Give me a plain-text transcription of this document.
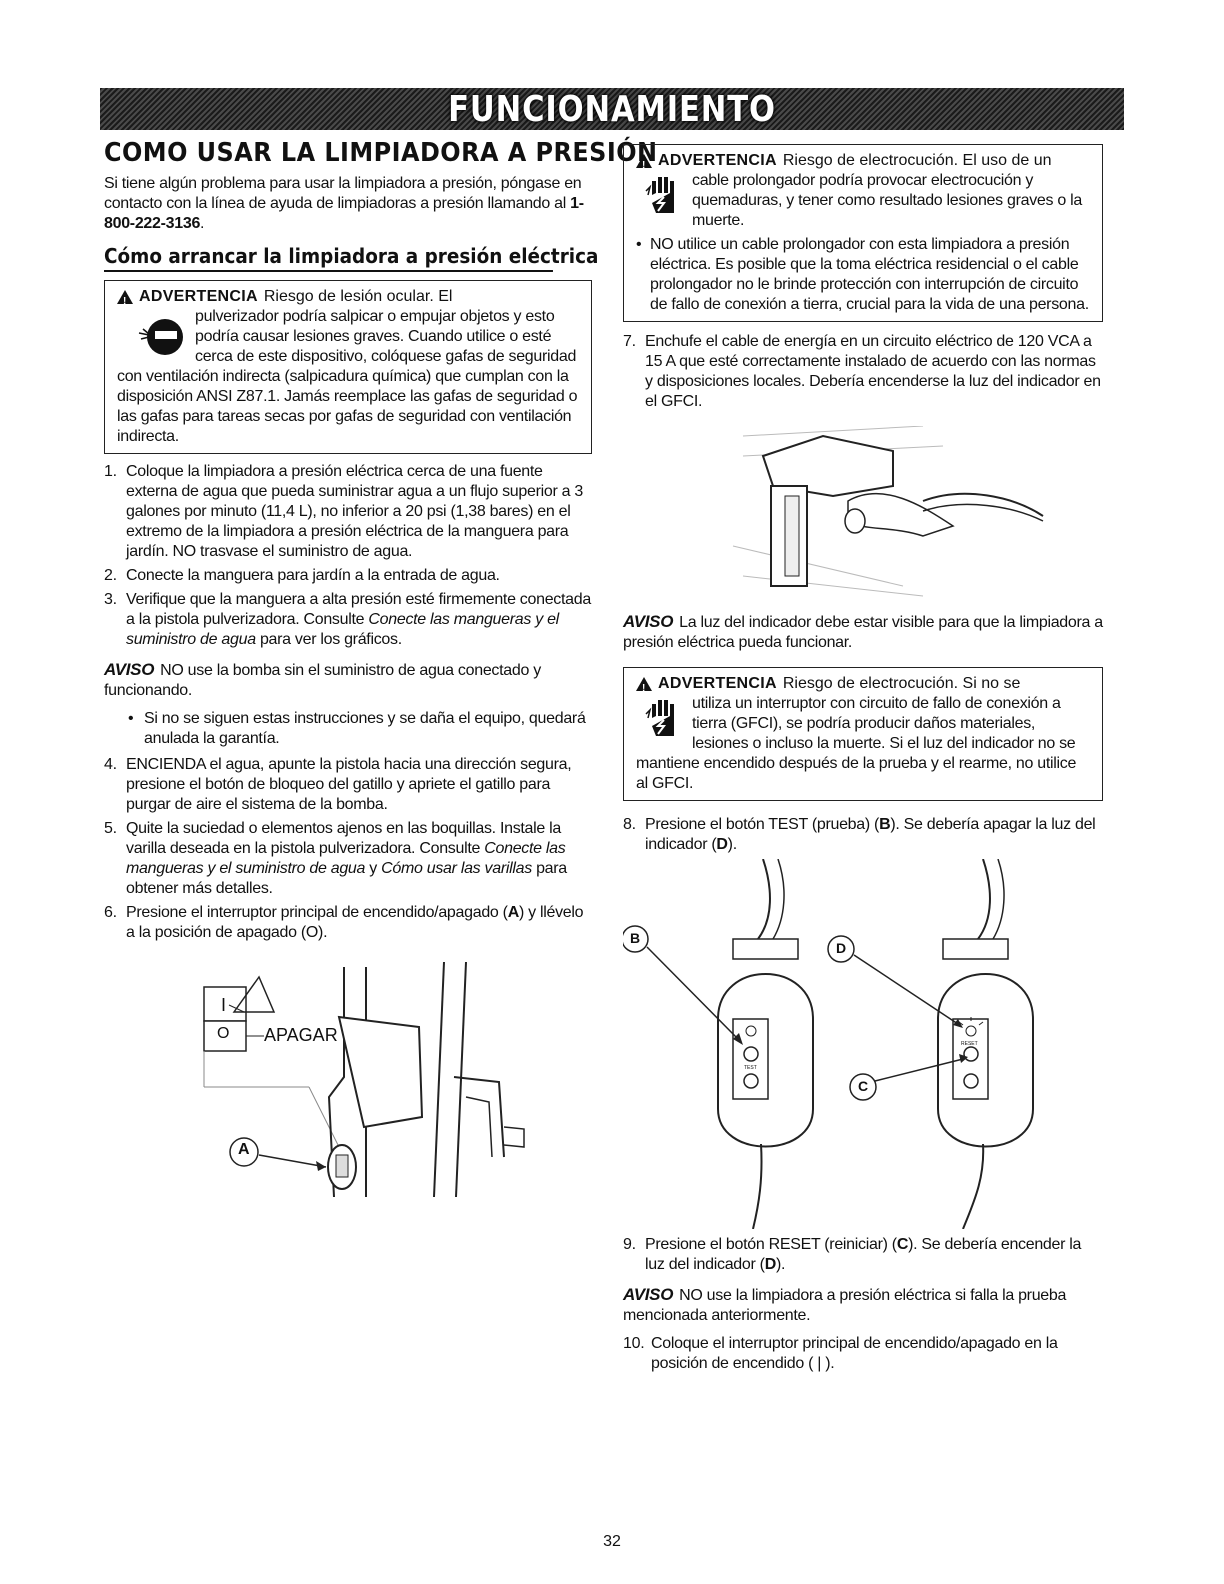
FUNCIONAMIENTO
COMO USAR LA LIMPIADORA A PRESIÓN

Si tiene algún problema para usar la limpiadora a presión, póngase en contacto con la línea de ayuda de limpiadoras a presión llamando al 1-800-222-3136.

Cómo arrancar la limpiadora a presión eléctrica
!
ADVERTENCIA Riesgo de lesión ocular. El
pulverizador podría salpicar o empujar objetos y esto podría causar lesiones graves. Cuando utilice o esté cerca de este dispositivo, colóquese gafas de seguridad con ventilación indirecta (salpicadura química) que cumplan con la disposición ANSI Z87.1. Jamás reemplace las gafas de seguridad o las gafas para tareas secas por gafas de seguridad con ventilación indirecta.
1. Coloque la limpiadora a presión eléctrica cerca de una fuente externa de agua que pueda suministrar agua a un flujo superior a 3 galones por minuto (11,4 L), no inferior a 20 psi (1,38 bares) en el extremo de la limpiadora a presión eléctrica de la manguera para jardín. NO trasvase el suministro de agua.
2. Conecte la manguera para jardín a la entrada de agua.
3. Verifique que la manguera a alta presión esté firmemente conectada a la pistola pulverizadora. Consulte Conecte las mangueras y el suministro de agua para ver los gráficos.

AVISO NO use la bomba sin el suministro de agua conectado y funcionando.

• Si no se siguen estas instrucciones y se daña el equipo, quedará anulada la garantía.
4. ENCIENDA el agua, apunte la pistola hacia una dirección segura, presione el botón de bloqueo del gatillo y apriete el gatillo para purgar de aire el sistema de la bomba.
5. Quite la suciedad o elementos ajenos en las boquillas. Instale la varilla deseada en la pistola pulverizadora. Consulte Conecte las mangueras y el suministro de agua y Cómo usar las varillas para obtener más detalles.
6. Presione el interruptor principal de encendido/apagado (A) y llévelo a la posición de apagado (O).
I
O APAGAR
A
!
ADVERTENCIA Riesgo de electrocución. El uso de un
cable prolongador podría provocar electrocución y quemaduras, y tener como resultado lesiones graves o la muerte.
• NO utilice un cable prolongador con esta limpiadora a presión eléctrica. Es posible que la toma eléctrica residencial o el cable prolongador no le brinde protección con interrupción de circuito de fallo de conexión a tierra, crucial para la vida de una persona.
7. Enchufe el cable de energía en un circuito eléctrico de 120 VCA a 15 A que esté correctamente instalado de acuerdo con las normas y disposiciones locales. Debería encenderse la luz del indicador en el GFCI.

AVISO La luz del indicador debe estar visible para que la limpiadora a presión eléctrica pueda funcionar.

!
ADVERTENCIA Riesgo de electrocución. Si no se
utiliza un interruptor con circuito de fallo de conexión a tierra (GFCI), se podría producir daños materiales, lesiones o incluso la muerte. Si el luz del indicador no se mantiene encendido después de la prueba y el rearme, no utilice al GFCI.
8. Presione el botón TEST (prueba) (B). Se debería apagar la luz del indicador (D).
B
D
C
TEST
RESET
9. Presione el botón RESET (reiniciar) (C). Se debería encender la luz del indicador (D).

AVISO NO use la limpiadora a presión eléctrica si falla la prueba mencionada anteriormente.

10. Coloque el interruptor principal de encendido/apagado en la posición de encendido ( | ).
32
